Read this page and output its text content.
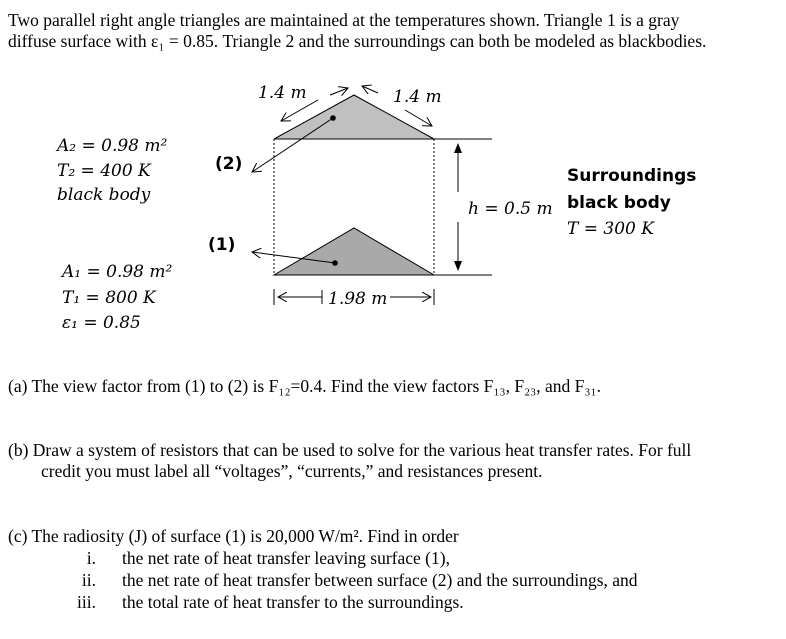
Two parallel right angle triangles are maintained at the temperatures shown. Triangle 1 is a gray

diffuse surface with ε₁ = 0.85. Triangle 2 and the surroundings can both be modeled as blackbodies.

1.4 m	1.4 m
h = 0.5 m
1.98 m
(2)
(1)
A₂ = 0.98 m²
T₂ = 400 K
black body
A₁ = 0.98 m²
T₁ = 800 K
ε₁ = 0.85
Surroundings
black body
T = 300 K
(a) The view factor from (1) to (2) is F₁₂=0.4. Find the view factors F₁₃, F₂₃, and F₃₁.
(b) Draw a system of resistors that can be used to solve for the various heat transfer rates. For full
credit you must label all “voltages”, “currents,” and resistances present.
(c) The radiosity (J) of surface (1) is 20,000 W/m². Find in order
i. the net rate of heat transfer leaving surface (1),
ii. the net rate of heat transfer between surface (2) and the surroundings, and
iii. the total rate of heat transfer to the surroundings.
